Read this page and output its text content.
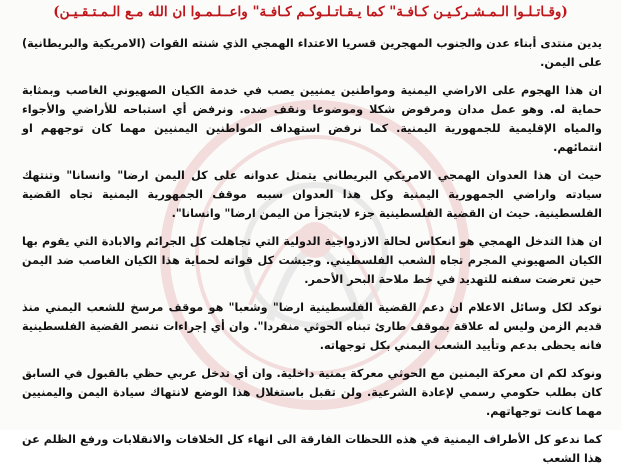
(وقـاتـلـوا الـمـشـركـيـن كـافـة" كما يـقـاتـلـوكـم كـافـة" واعــلـمـوا ان الله مـع الـمـتـقـيـن)

يدين منتدى أبناء عدن والجنوب المهجرين قسريا الاعتداء الهمجي الذي شنته القوات (الامريكية والبريطانية) على اليمن.

ان هذا الهجوم على الاراضي اليمنية ومواطنين يمنيين يصب في خدمة الكيان الصهيوني الغاصب وبمثابة حماية له. وهو عمل مدان ومرفوض شكلا وموضوعا ونقف ضده. ونرفض أي استباحه للأراضي والأجواء والمياه الإقليمية للجمهورية اليمنية. كما نرفض استهداف المواطنين اليمنيين مهما كان توجههم او انتمائهم.

حيث ان هذا العدوان الهمجي الامريكي البريطاني يتمثل عدوانه على كل اليمن ارضا" وانسانا" وتنتهك سيادته واراضي الجمهورية اليمنية وكل هذا العدوان سببه موقف الجمهورية اليمنية تجاه القضية الفلسطينية. حيث ان القضية الفلسطينية جزء لايتجزأ من اليمن ارضا" وانسانا".

ان هذا التدخل الهمجي هو انعكاس لحالة الازدواجية الدولية التي تجاهلت كل الجرائم والابادة التي يقوم بها الكيان الصهيوني المجرم تجاه الشعب الفلسطيني. وجيشت كل قواته لحماية هذا الكيان الغاصب ضد اليمن حين تعرضت سفنه للتهديد في خط ملاحة البحر الأحمر.

نوكد لكل وسائل الاعلام ان دعم القضية الفلسطينية ارضا" وشعبا" هو موقف مرسخ للشعب اليمني منذ قديم الزمن وليس له علاقة بموقف طارئ تبناه الحوثي منفردا". وان أي إجراءات تنصر القضية الفلسطينية فانه يحظى بدعم وتأييد الشعب اليمني بكل توجهاته.

ونوكد لكم ان معركة اليمنين مع الحوثي معركة يمنية داخلية. وان أي تدخل عربي حظي بالقبول في السابق كان بطلب حكومي رسمي لإعادة الشرعية. ولن تقبل باستغلال هذا الوضع لانتهاك سيادة اليمن واليمنيين مهما كانت توجهاتهم.

كما ندعو كل الأطراف اليمنية في هذه اللحظات الفارقة الى انهاء كل الخلافات والانقلابات ورفع الظلم عن هذا الشعب
